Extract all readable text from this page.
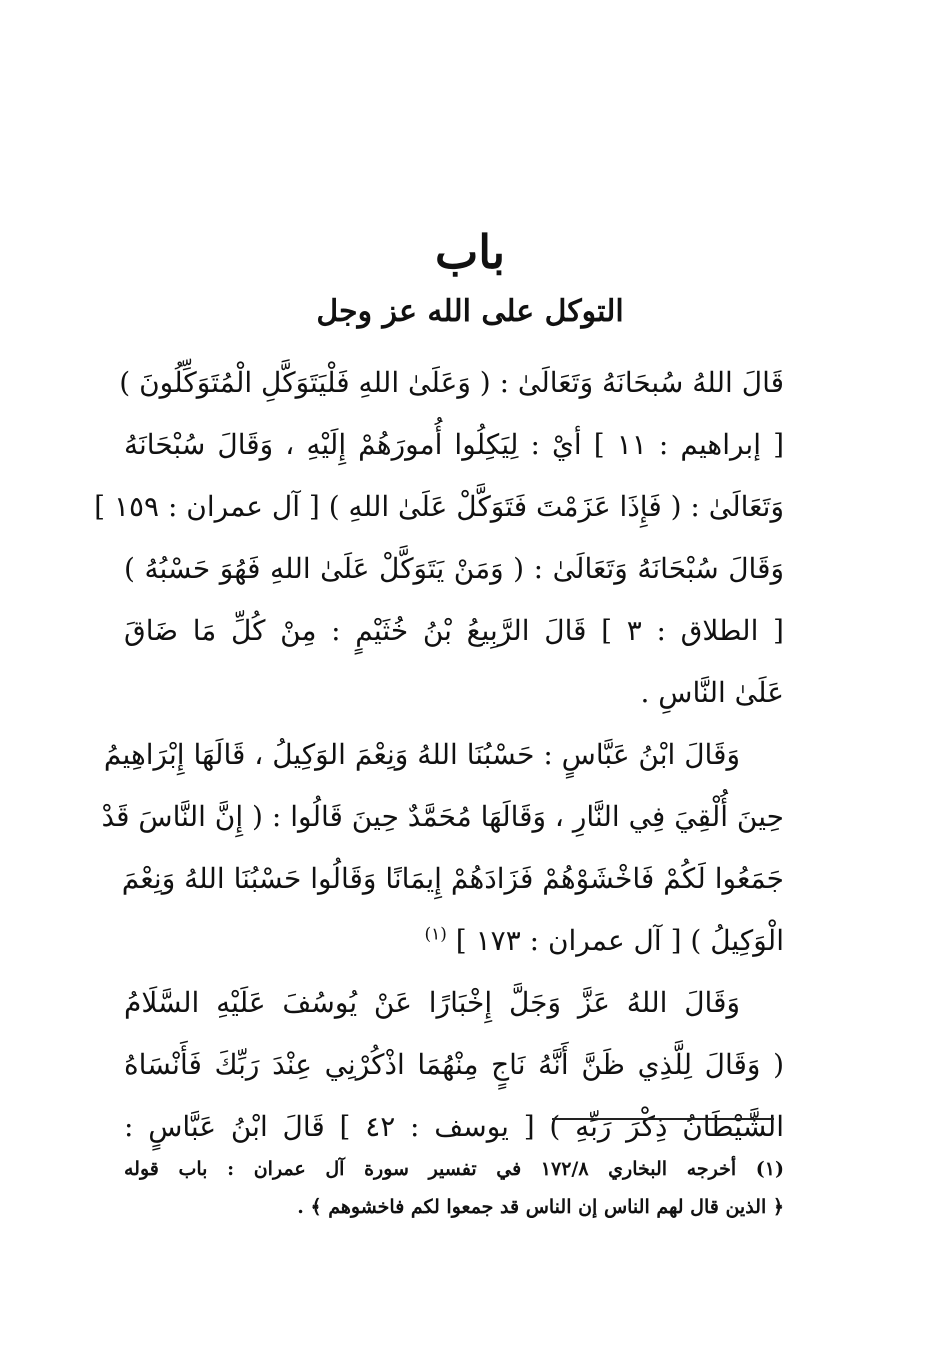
باب
التوكل على الله عز وجل
قَالَ اللهُ سُبحَانَهُ وَتَعَالَىٰ : ( وَعَلَىٰ اللهِ فَلْيَتَوَكَّلِ الْمُتَوَكِّلُونَ )
[ إبراهيم : ١١ ] أيْ : لِيَكِلُوا أُمورَهُمْ إِلَيْهِ ، وَقَالَ سُبْحَانَهُ
وَتَعَالَىٰ : ( فَإِذَا عَزَمْتَ فَتَوَكَّلْ عَلَىٰ اللهِ ) [ آل عمران : ١٥٩ ]
وَقَالَ سُبْحَانَهُ وَتَعَالَىٰ : ( وَمَنْ يَتَوَكَّلْ عَلَىٰ اللهِ فَهُوَ حَسْبُهُ )
[ الطلاق : ٣ ] قَالَ الرَّبِيعُ بْنُ خُثَيْمٍ : مِنْ كُلِّ مَا ضَاقَ
عَلَىٰ النَّاسِ .
وَقَالَ ابْنُ عَبَّاسٍ : حَسْبُنَا اللهُ وَنِعْمَ الوَكِيلُ ، قَالَهَا إِبْرَاهِيمُ
حِينَ أُلْقِيَ فِي النَّارِ ، وَقَالَهَا مُحَمَّدٌ حِينَ قَالُوا : ( إِنَّ النَّاسَ قَدْ
جَمَعُوا لَكُمْ فَاخْشَوْهُمْ فَزَادَهُمْ إِيمَانًا وَقَالُوا حَسْبُنَا اللهُ وَنِعْمَ
الْوَكِيلُ ) [ آل عمران : ١٧٣ ] $^{(١)}$
وَقَالَ اللهُ عَزَّ وَجَلَّ إِخْبَارًا عَنْ يُوسُفَ عَلَيْهِ السَّلَامُ
( وَقَالَ لِلَّذِي ظَنَّ أَنَّهُ نَاجٍ مِنْهُمَا اذْكُرْنِي عِنْدَ رَبِّكَ فَأَنْسَاهُ
الشَّيْطَانُ ذِكْرَ رَبِّهِ ) [ يوسف : ٤٢ ] قَالَ ابْنُ عَبَّاسٍ :
(١) أخرجه البخاري ١٧٢/٨ في تفسير سورة آل عمران : باب قوله
﴿ الذين قال لهم الناس إن الناس قد جمعوا لكم فاخشوهم ﴾ .
